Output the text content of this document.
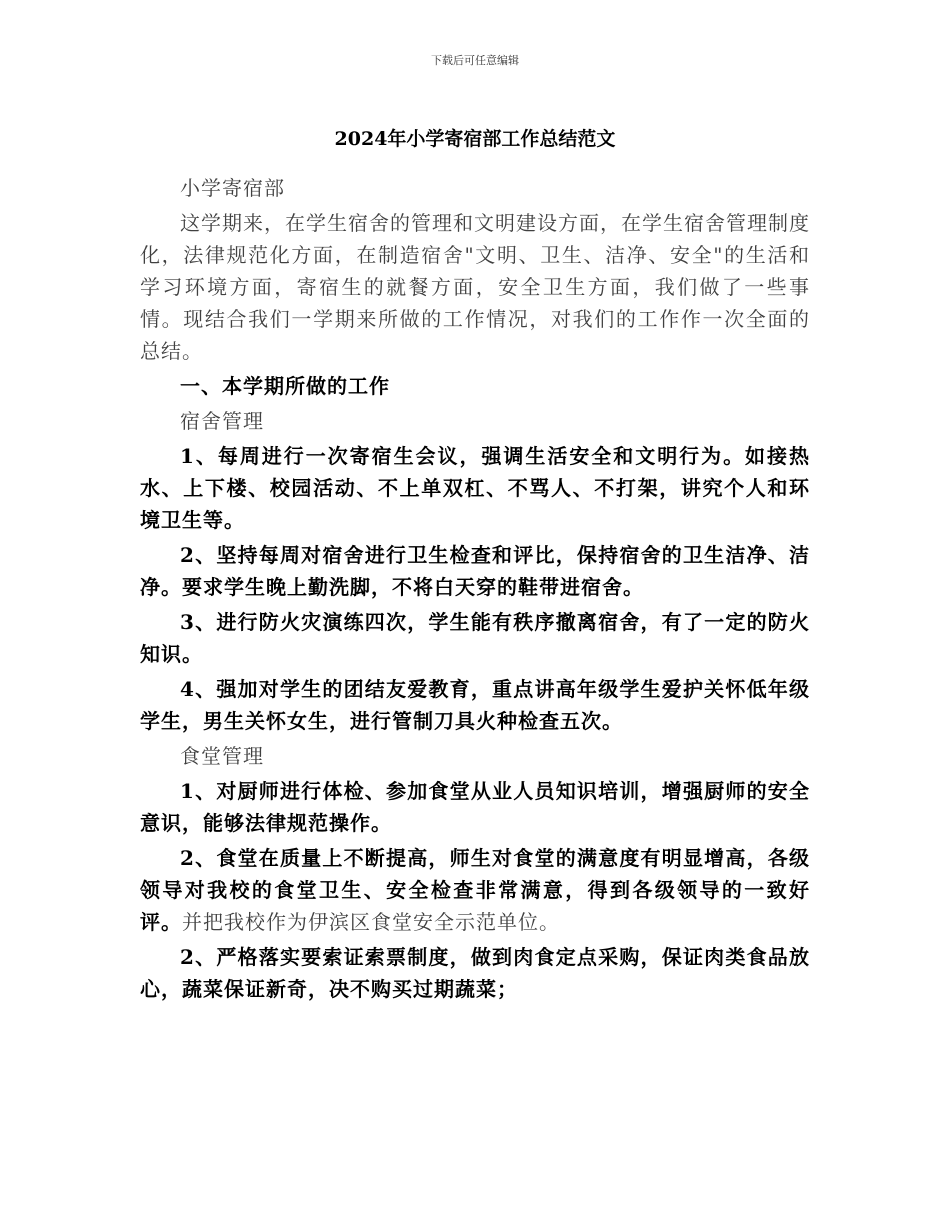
下载后可任意编辑
2024年小学寄宿部工作总结范文

小学寄宿部

这学期来，在学生宿舍的管理和文明建设方面，在学生宿舍管理制度化，法律规范化方面，在制造宿舍"文明、卫生、洁净、安全"的生活和学习环境方面，寄宿生的就餐方面，安全卫生方面，我们做了一些事情。现结合我们一学期来所做的工作情况，对我们的工作作一次全面的总结。

一、本学期所做的工作

宿舍管理

1、每周进行一次寄宿生会议，强调生活安全和文明行为。如接热水、上下楼、校园活动、不上单双杠、不骂人、不打架，讲究个人和环境卫生等。

2、坚持每周对宿舍进行卫生检查和评比，保持宿舍的卫生洁净、洁净。要求学生晚上勤洗脚，不将白天穿的鞋带进宿舍。

3、进行防火灾演练四次，学生能有秩序撤离宿舍，有了一定的防火知识。

4、强加对学生的团结友爱教育，重点讲高年级学生爱护关怀低年级学生，男生关怀女生，进行管制刀具火种检查五次。

食堂管理

1、对厨师进行体检、参加食堂从业人员知识培训，增强厨师的安全意识，能够法律规范操作。

2、食堂在质量上不断提高，师生对食堂的满意度有明显增高，各级领导对我校的食堂卫生、安全检查非常满意，得到各级领导的一致好评。并把我校作为伊滨区食堂安全示范单位。

2、严格落实要索证索票制度，做到肉食定点采购，保证肉类食品放心，蔬菜保证新奇，决不购买过期蔬菜；
